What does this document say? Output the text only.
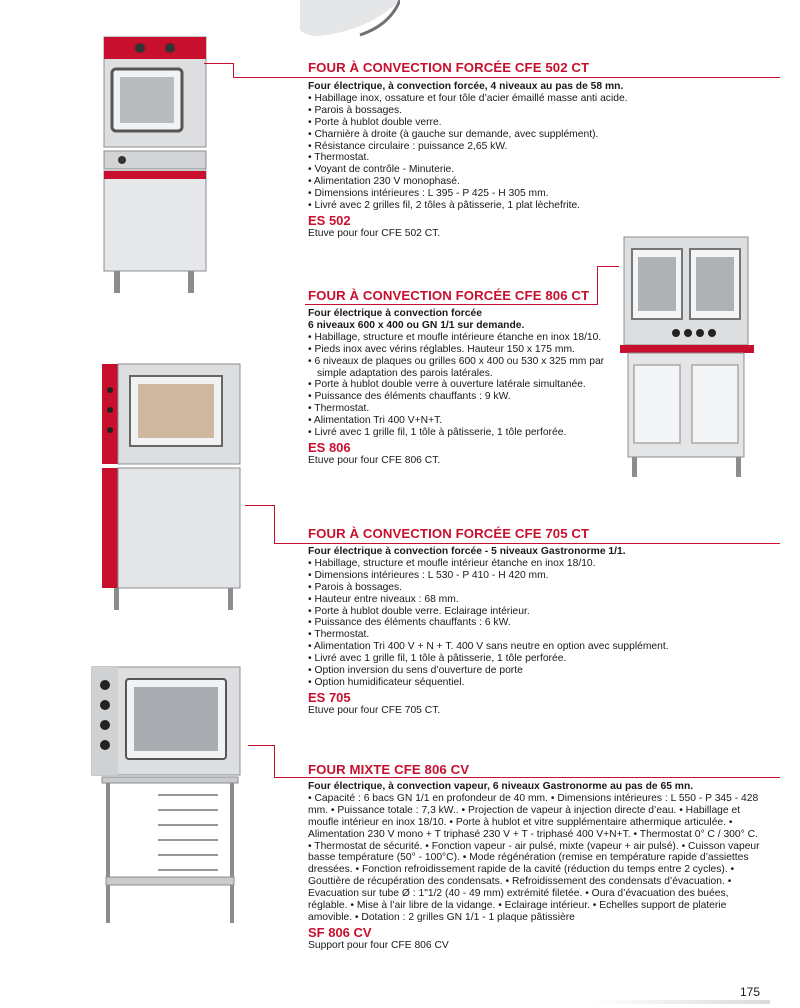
FOUR À CONVECTION FORCÉE CFE 502 CT
Four électrique, à convection forcée, 4 niveaux au pas de 58 mn.
• Habillage inox, ossature et four tôle d’acier émaillé masse anti acide.
• Parois à bossages.
• Porte à hublot double verre.
• Charnière à droite (à gauche sur demande, avec supplément).
• Résistance circulaire : puissance 2,65 kW.
• Thermostat.
• Voyant de contrôle - Minuterie.
• Alimentation 230 V monophasé.
• Dimensions intérieures : L 395 - P 425 - H 305 mm.
• Livré avec 2 grilles fil, 2 tôles à pâtisserie, 1 plat lèchefrite.
ES 502
Etuve pour four CFE 502 CT.
FOUR À CONVECTION FORCÉE CFE 806 CT
Four électrique à convection forcée
6 niveaux 600 x 400 ou GN 1/1 sur demande.
• Habillage, structure et moufle intérieure étanche en inox 18/10.
• Pieds inox avec vérins réglables. Hauteur 150 x 175 mm.
• 6 niveaux de plaques ou grilles 600 x 400 ou 530 x 325 mm par simple adaptation des parois latérales.
• Porte à hublot double verre à ouverture latérale simultanée.
• Puissance des éléments chauffants : 9 kW.
• Thermostat.
• Alimentation Tri 400 V+N+T.
• Livré avec 1 grille fil, 1 tôle à pâtisserie, 1 tôle perforée.
ES 806
Etuve pour four CFE 806 CT.
FOUR À CONVECTION FORCÉE CFE 705 CT
Four électrique à convection forcée - 5 niveaux Gastronorme 1/1.
• Habillage, structure et moufle intérieur étanche en inox 18/10.
• Dimensions intérieures : L 530 - P 410 - H 420 mm.
• Parois à bossages.
• Hauteur entre niveaux : 68 mm.
• Porte à hublot double verre. Eclairage intérieur.
• Puissance des éléments chauffants : 6 kW.
• Thermostat.
• Alimentation Tri 400 V + N + T. 400 V sans neutre en option avec supplément.
• Livré avec 1 grille fil, 1 tôle à pâtisserie, 1 tôle perforée.
• Option inversion du sens d’ouverture de porte
• Option humidificateur séquentiel.
ES 705
Etuve pour four CFE 705 CT.
FOUR MIXTE CFE 806 CV
Four électrique, à convection vapeur, 6 niveaux Gastronorme au pas de 65 mn.
• Capacité : 6 bacs GN 1/1 en profondeur de 40 mm. • Dimensions intérieures : L 550 - P 345 - 428 mm. • Puissance totale : 7,3 kW.. • Projection de vapeur à injection directe d’eau. • Habillage et moufle intérieur en inox 18/10. • Porte à hublot et vitre supplémentaire athermique articulée. • Alimentation 230 V mono + T triphasé 230 V + T - triphasé 400 V+N+T. • Thermostat 0° C / 300° C. • Thermostat de sécurité. • Fonction vapeur - air pulsé, mixte (vapeur + air pulsé). • Cuisson vapeur basse température (50° - 100°C). • Mode régénération (remise en température rapide d’assiettes dressées. • Fonction refroidissement rapide de la cavité (réduction du temps entre 2 cycles). • Gouttière de récupération des condensats. • Refroidissement des condensats d’évacuation. • Evacuation sur tube Ø : 1"1/2 (40 - 49 mm) extrémité filetée. • Oura d’évacuation des buées, réglable. • Mise à l’air libre de la vidange. • Eclairage intérieur. • Echelles support de platerie amovible. • Dotation : 2 grilles GN 1/1 - 1 plaque pâtissière
SF 806 CV
Support pour four CFE 806 CV
175
